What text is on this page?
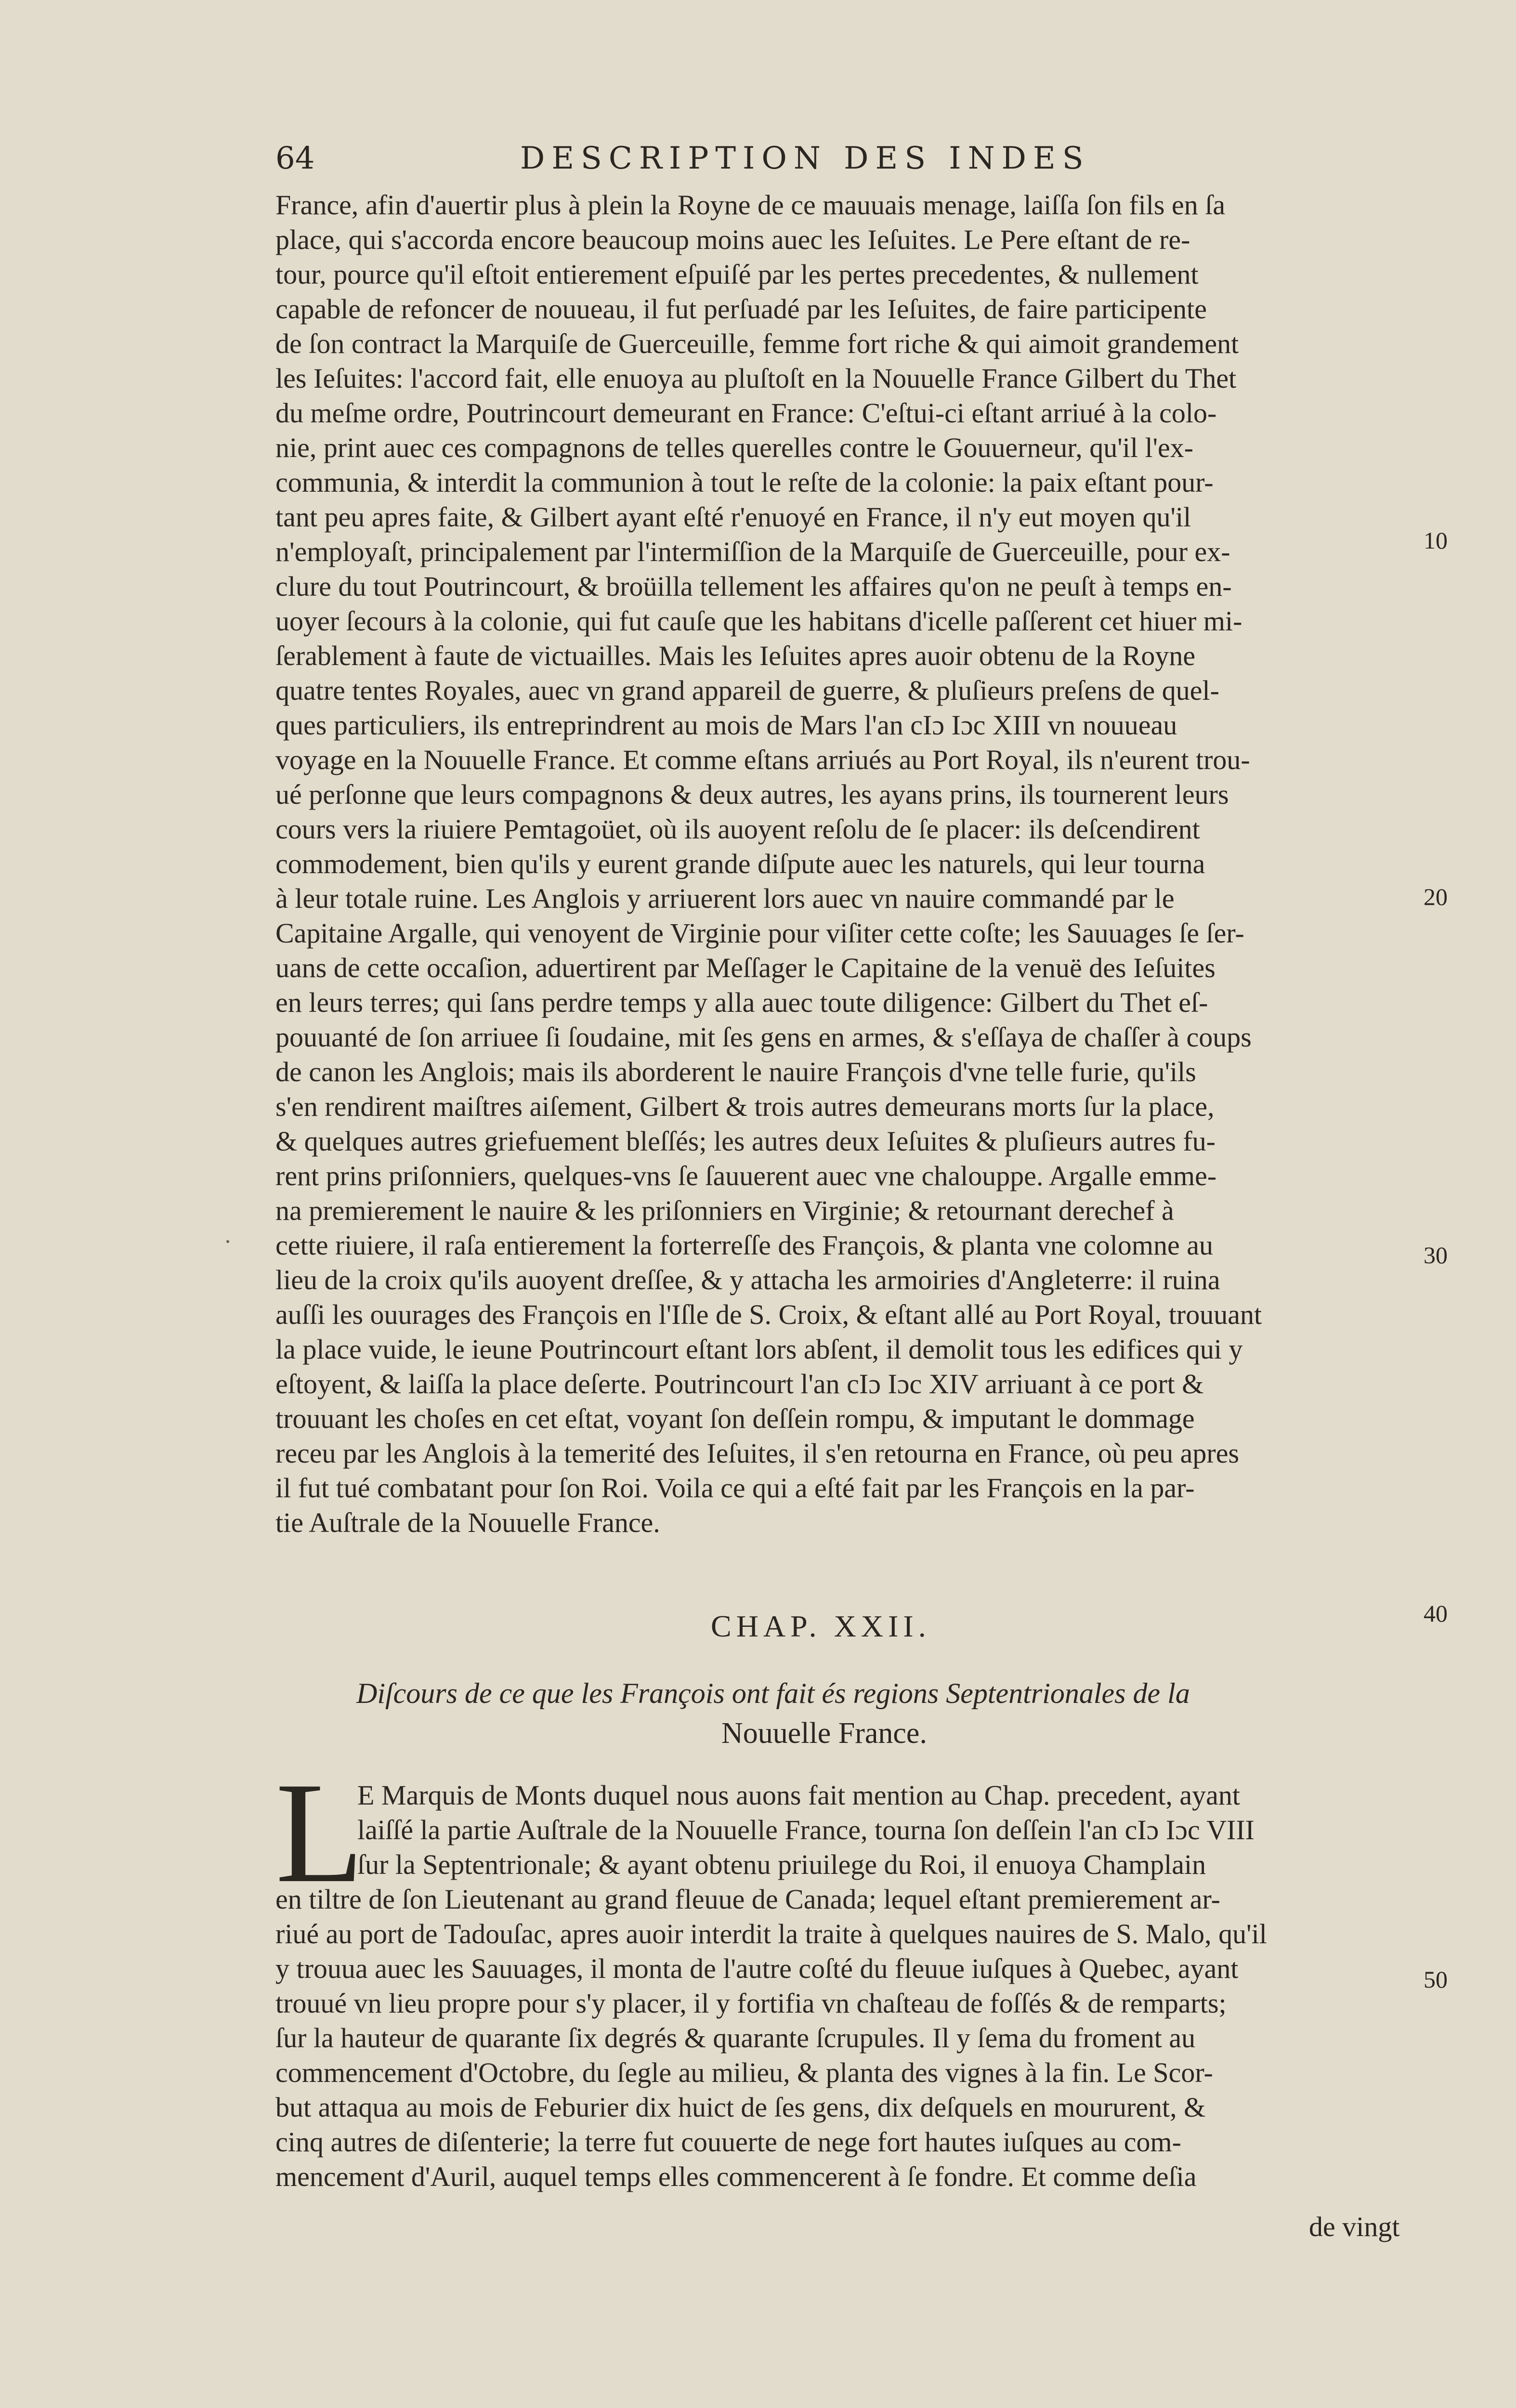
64	DESCRIPTION DES INDES
France, afin d'auertir plus à plein la Royne de ce mauuais menage, laiſſa ſon fils en ſa
place, qui s'accorda encore beaucoup moins auec les Ieſuites. Le Pere eſtant de re-
tour, pource qu'il eſtoit entierement eſpuiſé par les pertes precedentes, & nullement
capable de refoncer de nouueau, il fut perſuadé par les Ieſuites, de faire participente
de ſon contract la Marquiſe de Guerceuille, femme fort riche & qui aimoit grandement
les Ieſuites: l'accord fait, elle enuoya au pluſtoſt en la Nouuelle France Gilbert du Thet
du meſme ordre, Poutrincourt demeurant en France: C'eſtui-ci eſtant arriué à la colo-
nie, print auec ces compagnons de telles querelles contre le Gouuerneur, qu'il l'ex-
communia, & interdit la communion à tout le reſte de la colonie: la paix eſtant pour-
tant peu apres faite, & Gilbert ayant eſté r'enuoyé en France, il n'y eut moyen qu'il
n'employaſt, principalement par l'intermiſſion de la Marquiſe de Guerceuille, pour ex-
clure du tout Poutrincourt, & broüilla tellement les affaires qu'on ne peuſt à temps en-
uoyer ſecours à la colonie, qui fut cauſe que les habitans d'icelle paſſerent cet hiuer mi-
ſerablement à faute de victuailles. Mais les Ieſuites apres auoir obtenu de la Royne
quatre tentes Royales, auec vn grand appareil de guerre, & pluſieurs preſens de quel-
ques particuliers, ils entreprindrent au mois de Mars l'an cIɔ Iɔc XIII vn nouueau
voyage en la Nouuelle France. Et comme eſtans arriués au Port Royal, ils n'eurent trou-
ué perſonne que leurs compagnons & deux autres, les ayans prins, ils tournerent leurs
cours vers la riuiere Pemtagoüet, où ils auoyent reſolu de ſe placer: ils deſcendirent
commodement, bien qu'ils y eurent grande diſpute auec les naturels, qui leur tourna
à leur totale ruine. Les Anglois y arriuerent lors auec vn nauire commandé par le
Capitaine Argalle, qui venoyent de Virginie pour viſiter cette coſte; les Sauuages ſe ſer-
uans de cette occaſion, aduertirent par Meſſager le Capitaine de la venuë des Ieſuites
en leurs terres; qui ſans perdre temps y alla auec toute diligence: Gilbert du Thet eſ-
pouuanté de ſon arriuee ſi ſoudaine, mit ſes gens en armes, & s'eſſaya de chaſſer à coups
de canon les Anglois; mais ils aborderent le nauire François d'vne telle furie, qu'ils
s'en rendirent maiſtres aiſement, Gilbert & trois autres demeurans morts ſur la place,
& quelques autres griefuement bleſſés; les autres deux Ieſuites & pluſieurs autres fu-
rent prins priſonniers, quelques-vns ſe ſauuerent auec vne chalouppe. Argalle emme-
na premierement le nauire & les priſonniers en Virginie; & retournant derechef à
cette riuiere, il raſa entierement la forterreſſe des François, & planta vne colomne au
lieu de la croix qu'ils auoyent dreſſee, & y attacha les armoiries d'Angleterre: il ruina
auſſi les ouurages des François en l'Iſle de S. Croix, & eſtant allé au Port Royal, trouuant
la place vuide, le ieune Poutrincourt eſtant lors abſent, il demolit tous les edifices qui y
eſtoyent, & laiſſa la place deſerte. Poutrincourt l'an cIɔ Iɔc XIV arriuant à ce port &
trouuant les choſes en cet eſtat, voyant ſon deſſein rompu, & imputant le dommage
receu par les Anglois à la temerité des Ieſuites, il s'en retourna en France, où peu apres
il fut tué combatant pour ſon Roi. Voila ce qui a eſté fait par les François en la par-
tie Auſtrale de la Nouuelle France.
10
20
30
40
50
CHAP. XXII.
Diſcours de ce que les François ont fait és regions Septentrionales de la
Nouuelle France.
L
E Marquis de Monts duquel nous auons fait mention au Chap. precedent, ayant
laiſſé la partie Auſtrale de la Nouuelle France, tourna ſon deſſein l'an cIɔ Iɔc VIII
ſur la Septentrionale; & ayant obtenu priuilege du Roi, il enuoya Champlain
en tiltre de ſon Lieutenant au grand fleuue de Canada; lequel eſtant premierement ar-
riué au port de Tadouſac, apres auoir interdit la traite à quelques nauires de S. Malo, qu'il
y trouua auec les Sauuages, il monta de l'autre coſté du fleuue iuſques à Quebec, ayant
trouué vn lieu propre pour s'y placer, il y fortifia vn chaſteau de foſſés & de remparts;
ſur la hauteur de quarante ſix degrés & quarante ſcrupules. Il y ſema du froment au
commencement d'Octobre, du ſegle au milieu, & planta des vignes à la fin. Le Scor-
but attaqua au mois de Feburier dix huict de ſes gens, dix deſquels en moururent, &
cinq autres de diſenterie; la terre fut couuerte de nege fort hautes iuſques au com-
mencement d'Auril, auquel temps elles commencerent à ſe fondre. Et comme deſia
de vingt
